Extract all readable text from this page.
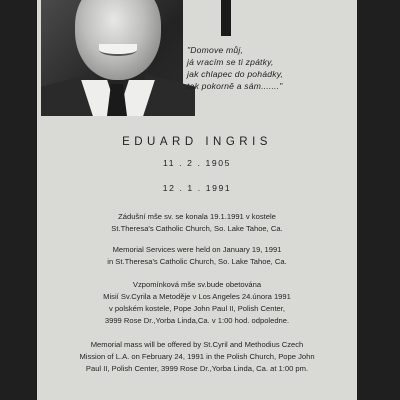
"Domove můj,
já vracím se ti zpátky,
jak chlapec do pohádky,
tak pokorně a sám......."
EDUARD INGRIS
11 . 2 . 1905
12 . 1 . 1991
Zádušní mše sv. se konala 19.1.1991 v kostele
St.Theresa's Catholic Church, So. Lake Tahoe, Ca.
Memorial Services were held on January 19, 1991
in St.Theresa's Catholic Church, So. Lake Tahoe, Ca.
Vzpomínková mše sv.bude obetována
Misií Sv.Cyrila a Metoděje v Los Angeles 24.února 1991
v polském kostele, Pope John Paul II, Polish Center,
3999 Rose Dr.,Yorba Linda,Ca. v 1:00 hod. odpoledne.
Memorial mass will be offered by St.Cyril and Methodius Czech
Mission of L.A. on February 24, 1991 in the Polish Church, Pope John
Paul II, Polish Center, 3999 Rose Dr.,Yorba Linda, Ca. at 1:00 pm.
